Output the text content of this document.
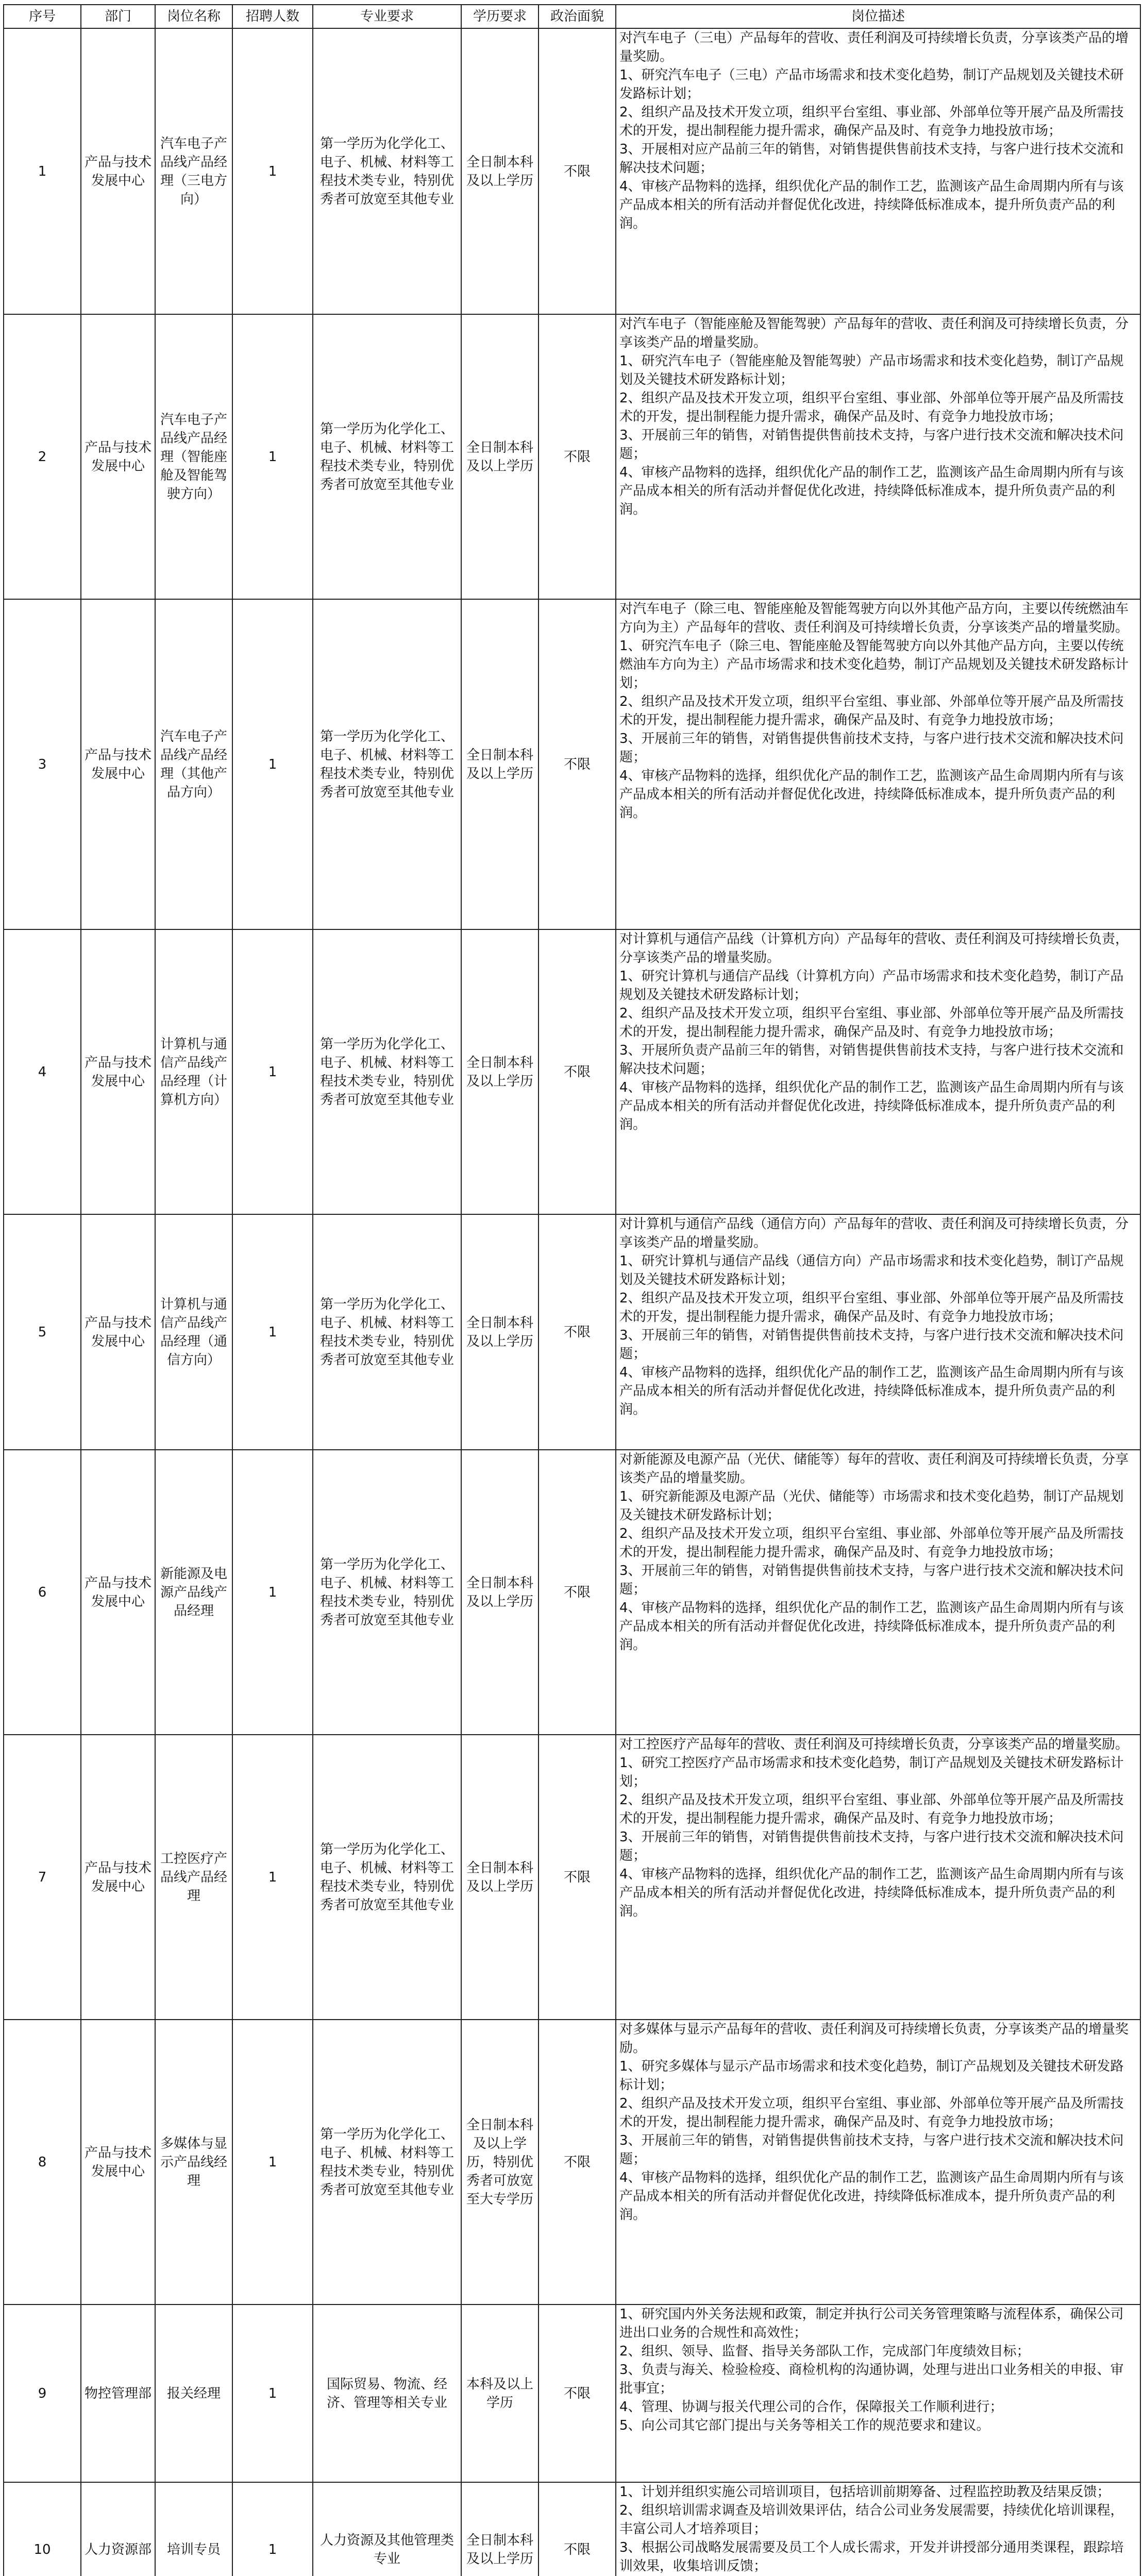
序号	部门	岗位名称	招聘人数	专业要求	学历要求	政治面貌	岗位描述
1	产品与技术发展中心	汽车电子产品线产品经理（三电方向）	1	第一学历为化学化工、电子、机械、材料等工程技术类专业，特别优秀者可放宽至其他专业	全日制本科及以上学历	不限	对汽车电子（三电）产品每年的营收、责任利润及可持续增长负责，分享该类产品的增量奖励。
1、研究汽车电子（三电）产品市场需求和技术变化趋势，制订产品规划及关键技术研发路标计划；
2、组织产品及技术开发立项，组织平台室组、事业部、外部单位等开展产品及所需技术的开发，提出制程能力提升需求，确保产品及时、有竞争力地投放市场；
3、开展相对应产品前三年的销售，对销售提供售前技术支持，与客户进行技术交流和解决技术问题；
4、审核产品物料的选择，组织优化产品的制作工艺，监测该产品生命周期内所有与该产品成本相关的所有活动并督促优化改进，持续降低标准成本，提升所负责产品的利润。

2	产品与技术发展中心	汽车电子产品线产品经理（智能座舱及智能驾驶方向）	1	第一学历为化学化工、电子、机械、材料等工程技术类专业，特别优秀者可放宽至其他专业	全日制本科及以上学历	不限	对汽车电子（智能座舱及智能驾驶）产品每年的营收、责任利润及可持续增长负责，分享该类产品的增量奖励。
1、研究汽车电子（智能座舱及智能驾驶）产品市场需求和技术变化趋势，制订产品规划及关键技术研发路标计划；
2、组织产品及技术开发立项，组织平台室组、事业部、外部单位等开展产品及所需技术的开发，提出制程能力提升需求，确保产品及时、有竞争力地投放市场；
3、开展前三年的销售，对销售提供售前技术支持，与客户进行技术交流和解决技术问题；
4、审核产品物料的选择，组织优化产品的制作工艺，监测该产品生命周期内所有与该产品成本相关的所有活动并督促优化改进，持续降低标准成本，提升所负责产品的利润。

3	产品与技术发展中心	汽车电子产品线产品经理（其他产品方向）	1	第一学历为化学化工、电子、机械、材料等工程技术类专业，特别优秀者可放宽至其他专业	全日制本科及以上学历	不限	对汽车电子（除三电、智能座舱及智能驾驶方向以外其他产品方向，主要以传统燃油车方向为主）产品每年的营收、责任利润及可持续增长负责，分享该类产品的增量奖励。
1、研究汽车电子（除三电、智能座舱及智能驾驶方向以外其他产品方向，主要以传统燃油车方向为主）产品市场需求和技术变化趋势，制订产品规划及关键技术研发路标计划；
2、组织产品及技术开发立项，组织平台室组、事业部、外部单位等开展产品及所需技术的开发，提出制程能力提升需求，确保产品及时、有竞争力地投放市场；
3、开展前三年的销售，对销售提供售前技术支持，与客户进行技术交流和解决技术问题；
4、审核产品物料的选择，组织优化产品的制作工艺，监测该产品生命周期内所有与该产品成本相关的所有活动并督促优化改进，持续降低标准成本，提升所负责产品的利润。

4	产品与技术发展中心	计算机与通信产品线产品经理（计算机方向）	1	第一学历为化学化工、电子、机械、材料等工程技术类专业，特别优秀者可放宽至其他专业	全日制本科及以上学历	不限	对计算机与通信产品线（计算机方向）产品每年的营收、责任利润及可持续增长负责，分享该类产品的增量奖励。
1、研究计算机与通信产品线（计算机方向）产品市场需求和技术变化趋势，制订产品规划及关键技术研发路标计划；
2、组织产品及技术开发立项，组织平台室组、事业部、外部单位等开展产品及所需技术的开发，提出制程能力提升需求，确保产品及时、有竞争力地投放市场；
3、开展所负责产品前三年的销售，对销售提供售前技术支持，与客户进行技术交流和解决技术问题；
4、审核产品物料的选择，组织优化产品的制作工艺，监测该产品生命周期内所有与该产品成本相关的所有活动并督促优化改进，持续降低标准成本，提升所负责产品的利润。

5	产品与技术发展中心	计算机与通信产品线产品经理（通信方向）	1	第一学历为化学化工、电子、机械、材料等工程技术类专业，特别优秀者可放宽至其他专业	全日制本科及以上学历	不限	对计算机与通信产品线（通信方向）产品每年的营收、责任利润及可持续增长负责，分享该类产品的增量奖励。
1、研究计算机与通信产品线（通信方向）产品市场需求和技术变化趋势，制订产品规划及关键技术研发路标计划；
2、组织产品及技术开发立项，组织平台室组、事业部、外部单位等开展产品及所需技术的开发，提出制程能力提升需求，确保产品及时、有竞争力地投放市场；
3、开展前三年的销售，对销售提供售前技术支持，与客户进行技术交流和解决技术问题；
4、审核产品物料的选择，组织优化产品的制作工艺，监测该产品生命周期内所有与该产品成本相关的所有活动并督促优化改进，持续降低标准成本，提升所负责产品的利润。

6	产品与技术发展中心	新能源及电源产品线产品经理	1	第一学历为化学化工、电子、机械、材料等工程技术类专业，特别优秀者可放宽至其他专业	全日制本科及以上学历	不限	对新能源及电源产品（光伏、储能等）每年的营收、责任利润及可持续增长负责，分享该类产品的增量奖励。
1、研究新能源及电源产品（光伏、储能等）市场需求和技术变化趋势，制订产品规划及关键技术研发路标计划；
2、组织产品及技术开发立项，组织平台室组、事业部、外部单位等开展产品及所需技术的开发，提出制程能力提升需求，确保产品及时、有竞争力地投放市场；
3、开展前三年的销售，对销售提供售前技术支持，与客户进行技术交流和解决技术问题；
4、审核产品物料的选择，组织优化产品的制作工艺，监测该产品生命周期内所有与该产品成本相关的所有活动并督促优化改进，持续降低标准成本，提升所负责产品的利润。

7	产品与技术发展中心	工控医疗产品线产品经理	1	第一学历为化学化工、电子、机械、材料等工程技术类专业，特别优秀者可放宽至其他专业	全日制本科及以上学历	不限	对工控医疗产品每年的营收、责任利润及可持续增长负责，分享该类产品的增量奖励。
1、研究工控医疗产品市场需求和技术变化趋势，制订产品规划及关键技术研发路标计划；
2、组织产品及技术开发立项，组织平台室组、事业部、外部单位等开展产品及所需技术的开发，提出制程能力提升需求，确保产品及时、有竞争力地投放市场；
3、开展前三年的销售，对销售提供售前技术支持，与客户进行技术交流和解决技术问题；
4、审核产品物料的选择，组织优化产品的制作工艺，监测该产品生命周期内所有与该产品成本相关的所有活动并督促优化改进，持续降低标准成本，提升所负责产品的利润。

8	产品与技术发展中心	多媒体与显示产品线经理	1	第一学历为化学化工、电子、机械、材料等工程技术类专业，特别优秀者可放宽至其他专业	全日制本科及以上学历，特别优秀者可放宽至大专学历	不限	对多媒体与显示产品每年的营收、责任利润及可持续增长负责，分享该类产品的增量奖励。
1、研究多媒体与显示产品市场需求和技术变化趋势，制订产品规划及关键技术研发路标计划；
2、组织产品及技术开发立项，组织平台室组、事业部、外部单位等开展产品及所需技术的开发，提出制程能力提升需求，确保产品及时、有竞争力地投放市场；
3、开展前三年的销售，对销售提供售前技术支持，与客户进行技术交流和解决技术问题；
4、审核产品物料的选择，组织优化产品的制作工艺，监测该产品生命周期内所有与该产品成本相关的所有活动并督促优化改进，持续降低标准成本，提升所负责产品的利润。

9	物控管理部	报关经理	1	国际贸易、物流、经济、管理等相关专业	本科及以上学历	不限	1、研究国内外关务法规和政策，制定并执行公司关务管理策略与流程体系，确保公司进出口业务的合规性和高效性；
2、组织、领导、监督、指导关务部队工作，完成部门年度绩效目标；
3、负责与海关、检验检疫、商检机构的沟通协调，处理与进出口业务相关的申报、审批事宜；
4、管理、协调与报关代理公司的合作，保障报关工作顺利进行；
5、向公司其它部门提出与关务等相关工作的规范要求和建议。

10	人力资源部	培训专员	1	人力资源及其他管理类专业	全日制本科及以上学历	不限	1、计划并组织实施公司培训项目，包括培训前期筹备、过程监控助教及结果反馈；
2、组织培训需求调查及培训效果评估，结合公司业务发展需要，持续优化培训课程，丰富公司人才培养项目；
3、根据公司战略发展需要及员工个人成长需求，开发并讲授部分通用类课程，跟踪培训效果，收集培训反馈；
